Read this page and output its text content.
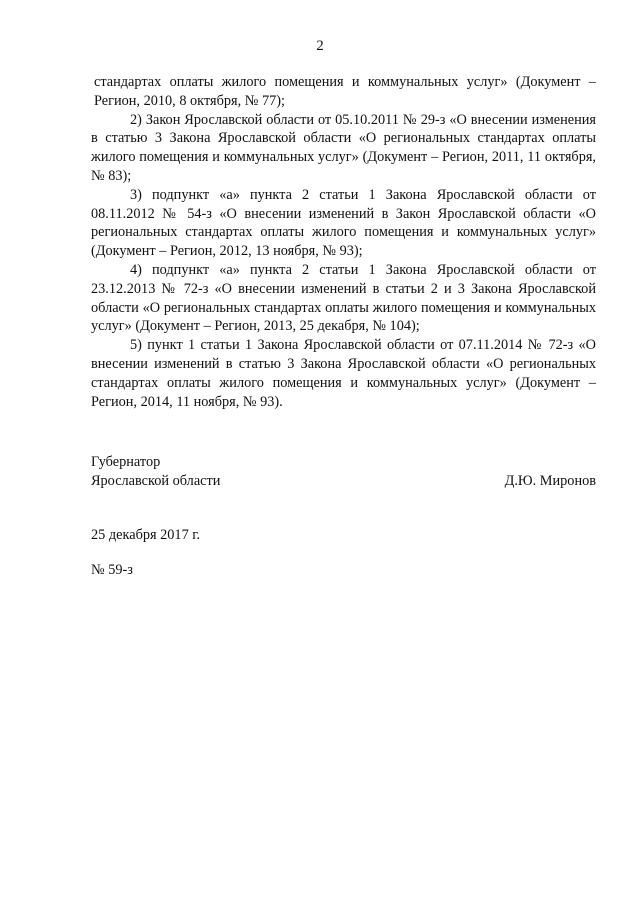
2

стандартах оплаты жилого помещения и коммунальных услуг» (Документ – Регион, 2010, 8 октября, № 77);

2) Закон Ярославской области от 05.10.2011 № 29-з «О внесении изменения в статью 3 Закона Ярославской области «О региональных стандартах оплаты жилого помещения и коммунальных услуг» (Документ – Регион, 2011, 11 октября, № 83);

3) подпункт «а» пункта 2 статьи 1 Закона Ярославской области от 08.11.2012 № 54-з «О внесении изменений в Закон Ярославской области «О региональных стандартах оплаты жилого помещения и коммунальных услуг» (Документ – Регион, 2012, 13 ноября, № 93);

4) подпункт «а» пункта 2 статьи 1 Закона Ярославской области от 23.12.2013 № 72-з «О внесении изменений в статьи 2 и 3 Закона Ярославской области «О региональных стандартах оплаты жилого помещения и коммунальных услуг» (Документ – Регион, 2013, 25 декабря, № 104);

5) пункт 1 статьи 1 Закона Ярославской области от 07.11.2014 № 72-з «О внесении изменений в статью 3 Закона Ярославской области «О региональных стандартах оплаты жилого помещения и коммунальных услуг» (Документ – Регион, 2014, 11 ноября, № 93).

Губернатор
Ярославской области	Д.Ю. Миронов
25 декабря 2017 г.
№ 59-з
